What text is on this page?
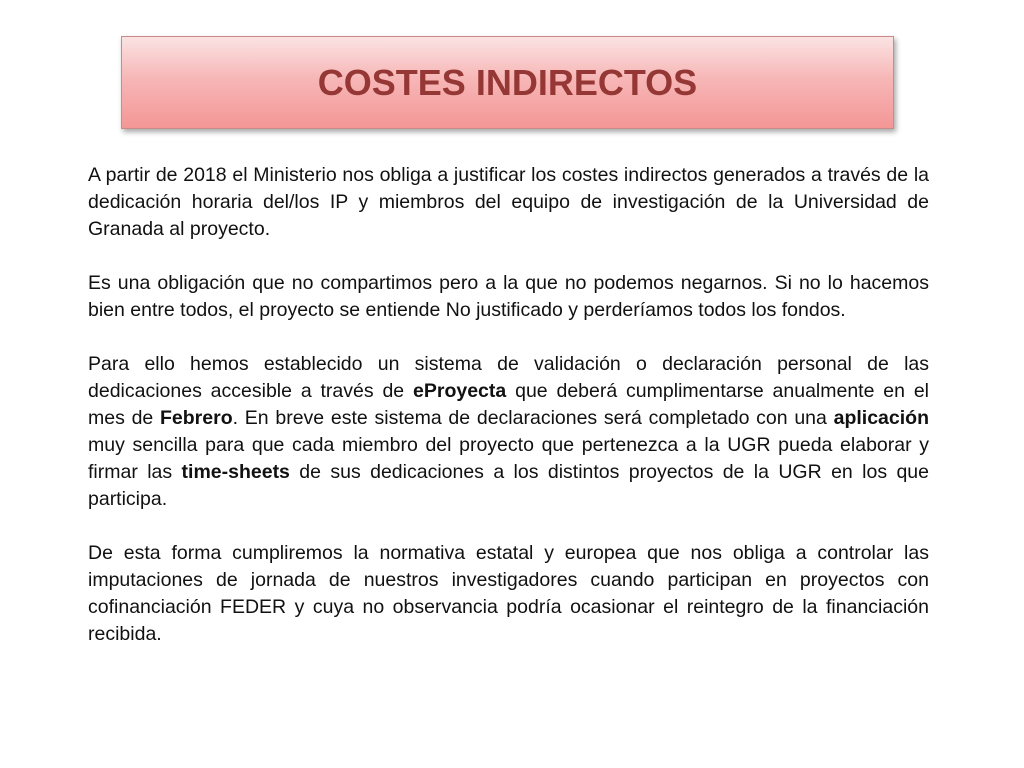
COSTES INDIRECTOS

A partir de 2018 el Ministerio nos obliga a justificar los costes indirectos generados a través de la dedicación horaria del/los IP y miembros del equipo de investigación de la Universidad de Granada al proyecto.

Es una obligación que no compartimos pero a la que no podemos negarnos. Si no lo hacemos bien entre todos, el proyecto se entiende No justificado y perderíamos todos los fondos.

Para ello hemos establecido un sistema de validación o declaración personal de las dedicaciones accesible a través de eProyecta que deberá cumplimentarse anualmente en el mes de Febrero. En breve este sistema de declaraciones será completado con una aplicación muy sencilla para que cada miembro del proyecto que pertenezca a la UGR pueda elaborar y firmar las time-sheets de sus dedicaciones a los distintos proyectos de la UGR en los que participa.

De esta forma cumpliremos la normativa estatal y europea que nos obliga a controlar las imputaciones de jornada de nuestros investigadores cuando participan en proyectos con cofinanciación FEDER y cuya no observancia podría ocasionar el reintegro de la financiación recibida.
